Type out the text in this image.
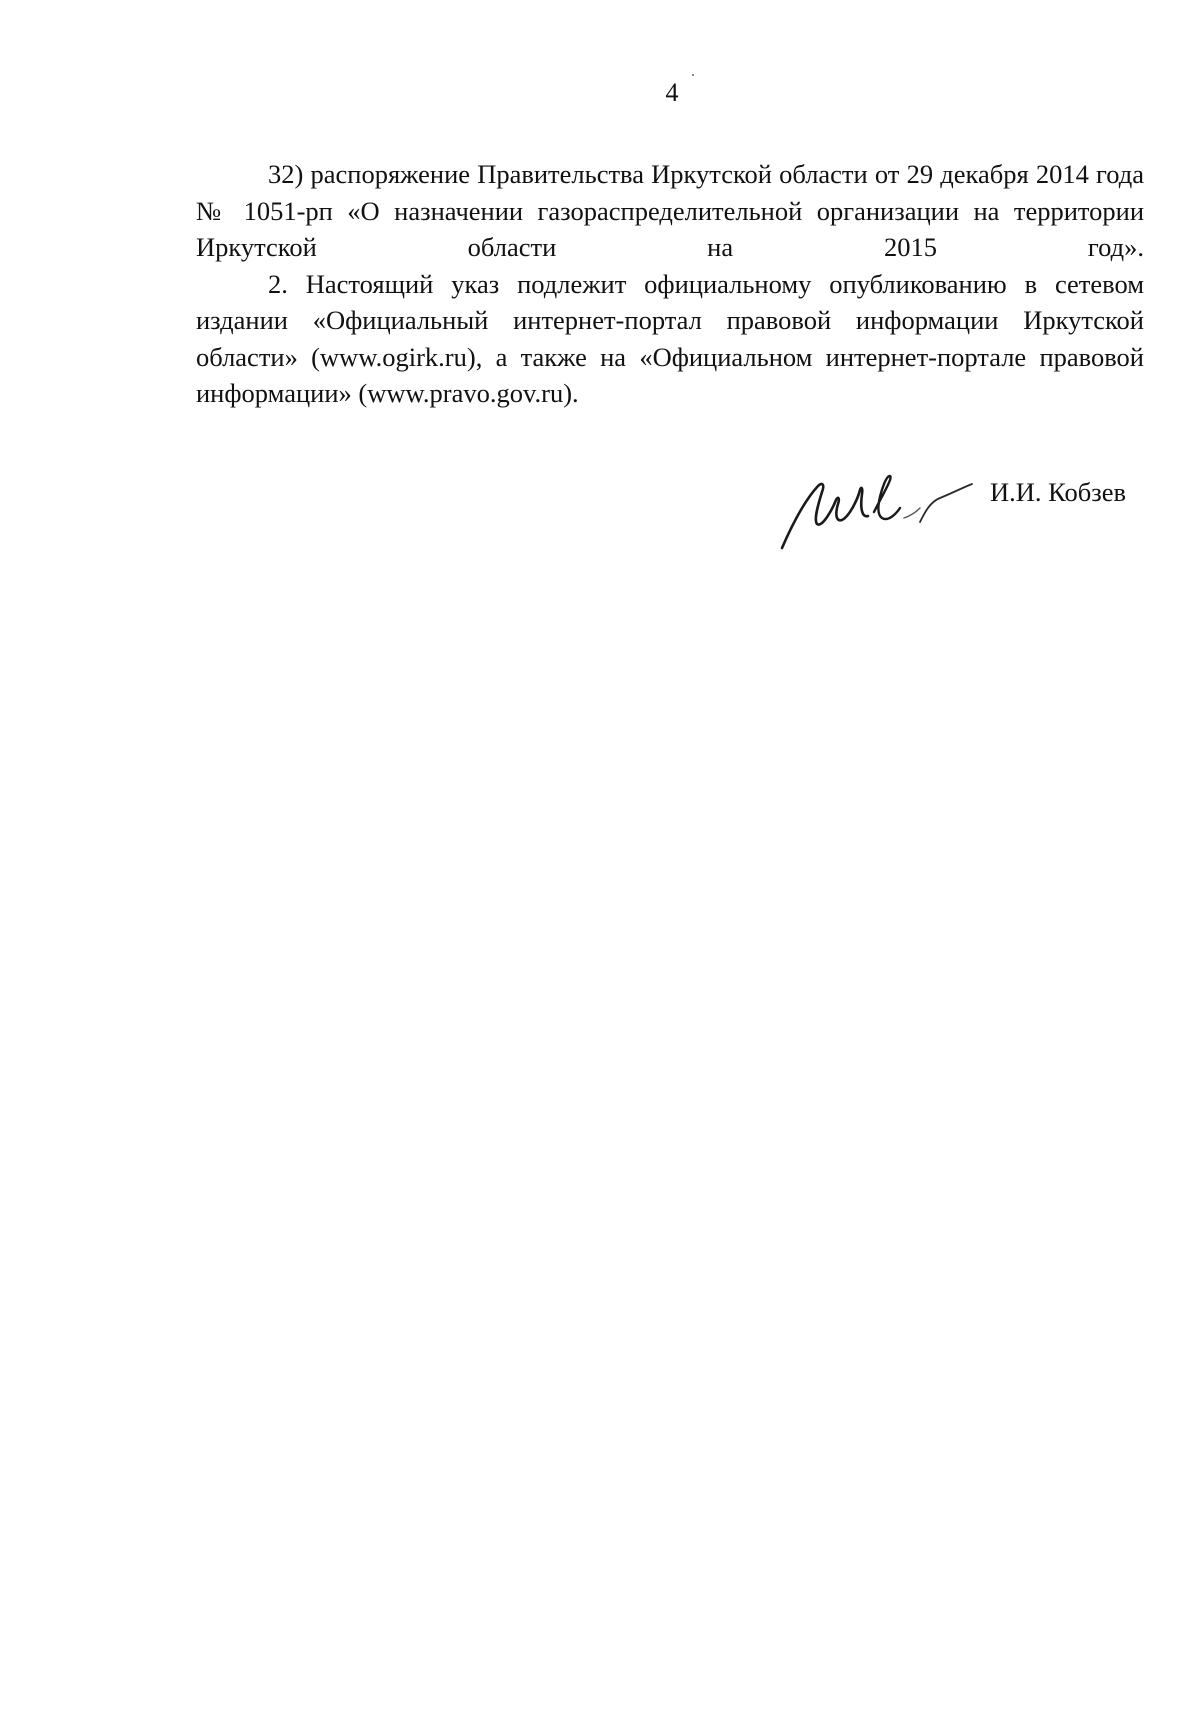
4

32) распоряжение Правительства Иркутской области от 29 декабря 2014 года № 1051-рп «О назначении газораспределительной организации на территории Иркутской области на 2015 год».

2. Настоящий указ подлежит официальному опубликованию в сетевом издании «Официальный интернет-портал правовой информации Иркутской области» (www.ogirk.ru), а также на «Официальном интернет-портале правовой информации» (www.pravo.gov.ru).

И.И. Кобзев
